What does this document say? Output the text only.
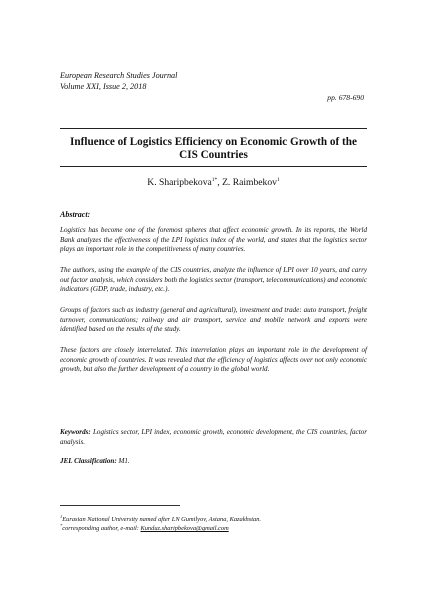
European Research Studies Journal
Volume XXI, Issue 2, 2018
pp. 678-690
Influence of Logistics Efficiency on Economic Growth of the CIS Countries
K. Sharipbekova$^{1*}$, Z. Raimbekov$^1$
Abstract:
Logistics has become one of the foremost spheres that affect economic growth. In its reports, the World Bank analyzes the effectiveness of the LPI logistics index of the world, and states that the logistics sector plays an important role in the competitiveness of many countries.
The authors, using the example of the CIS countries, analyze the influence of LPI over 10 years, and carry out factor analysis, which considers both the logistics sector (transport, telecommunications) and economic indicators (GDP, trade, industry, etc.).
Groups of factors such as industry (general and agricultural), investment and trade: auto transport, freight turnover, communications; railway and air transport, service and mobile network and exports were identified based on the results of the study.
These factors are closely interrelated. This interrelation plays an important role in the development of economic growth of countries. It was revealed that the efficiency of logistics affects over not only economic growth, but also the further development of a country in the global world.
Keywords: Logistics sector, LPI index, economic growth, economic development, the CIS countries, factor analysis.
JEL Classification: M1.
$^1$Eurasian National University named after LN Gumilyov, Astana, Kazakhstan.
*corresponding author, e-mail: Kunduz.sharipbekova@gmail.com
